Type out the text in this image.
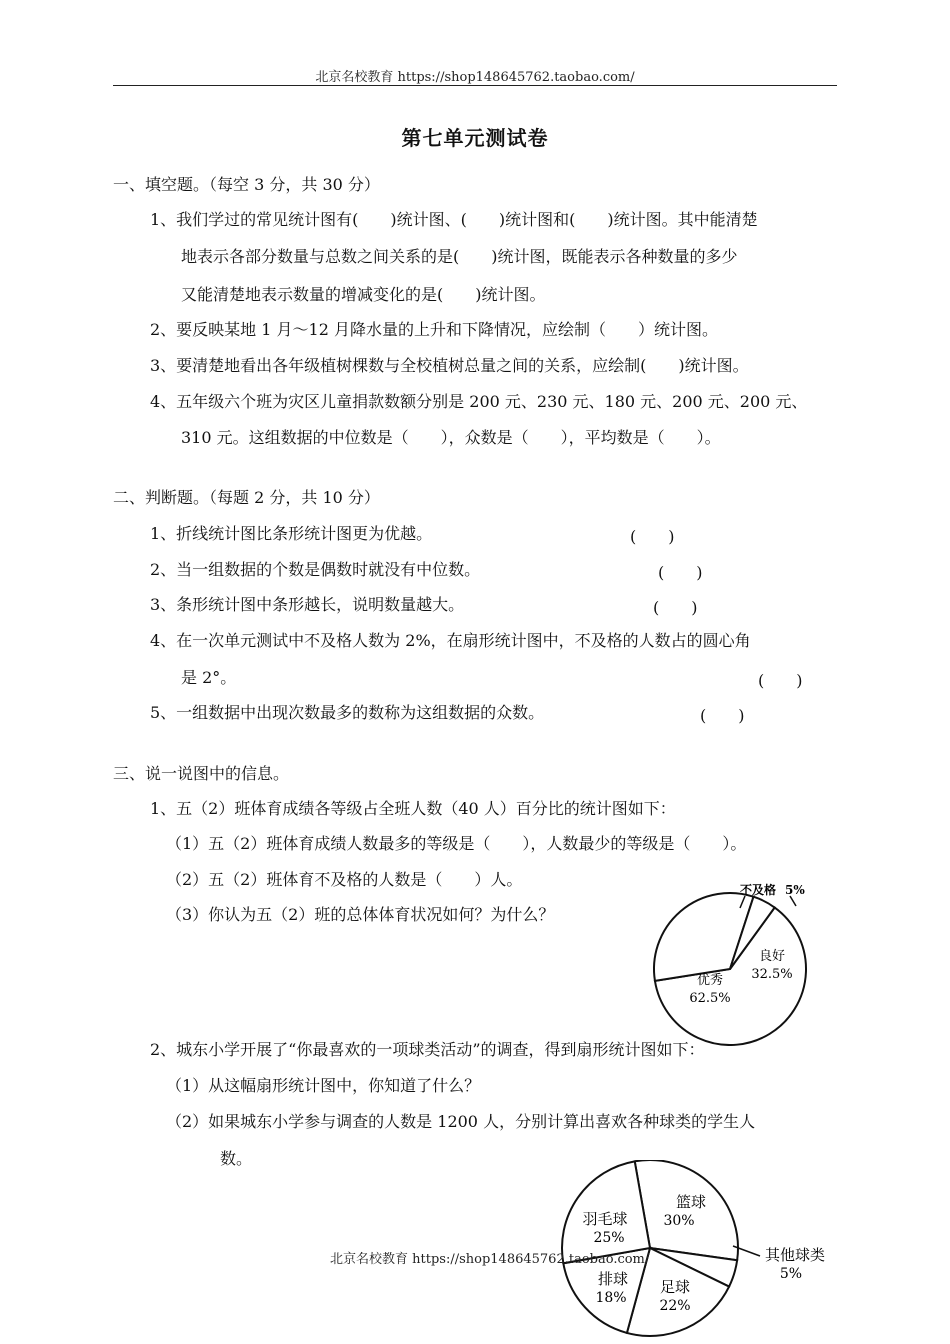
北京名校教育 https://shop148645762.taobao.com/
第七单元测试卷
一、填空题。（每空 3 分，共 30 分）
1、我们学过的常见统计图有(　　)统计图、(　　)统计图和(　　)统计图。其中能清楚
地表示各部分数量与总数之间关系的是(　　)统计图，既能表示各种数量的多少
又能清楚地表示数量的增减变化的是(　　)统计图。
2、要反映某地 1 月～12 月降水量的上升和下降情况，应绘制（　　）统计图。
3、要清楚地看出各年级植树棵数与全校植树总量之间的关系，应绘制(　　)统计图。
4、五年级六个班为灾区儿童捐款数额分别是 200 元、230 元、180 元、200 元、200 元、
310 元。这组数据的中位数是（　　），众数是（　　），平均数是（　　）。
二、判断题。（每题 2 分，共 10 分）
1、折线统计图比条形统计图更为优越。	(　　)
2、当一组数据的个数是偶数时就没有中位数。	(　　)
3、条形统计图中条形越长，说明数量越大。	(　　)
4、在一次单元测试中不及格人数为 2%，在扇形统计图中，不及格的人数占的圆心角
是 2°。	(　　)
5、一组数据中出现次数最多的数称为这组数据的众数。	(　　)
三、说一说图中的信息。
1、五（2）班体育成绩各等级占全班人数（40 人）百分比的统计图如下：
（1）五（2）班体育成绩人数最多的等级是（　　），人数最少的等级是（　　）。
（2）五（2）班体育不及格的人数是（　　）人。
（3）你认为五（2）班的总体体育状况如何？为什么？
2、城东小学开展了“你最喜欢的一项球类活动”的调查，得到扇形统计图如下：
（1）从这幅扇形统计图中，你知道了什么？
（2）如果城东小学参与调查的人数是 1200 人，分别计算出喜欢各种球类的学生人
数。
优秀
62.5%
良好
32.5%
不及格 5%
篮球
30%
其他球类
5%
足球
22%
排球
18%
羽毛球
25%
北京名校教育 https://shop148645762.taobao.com/
